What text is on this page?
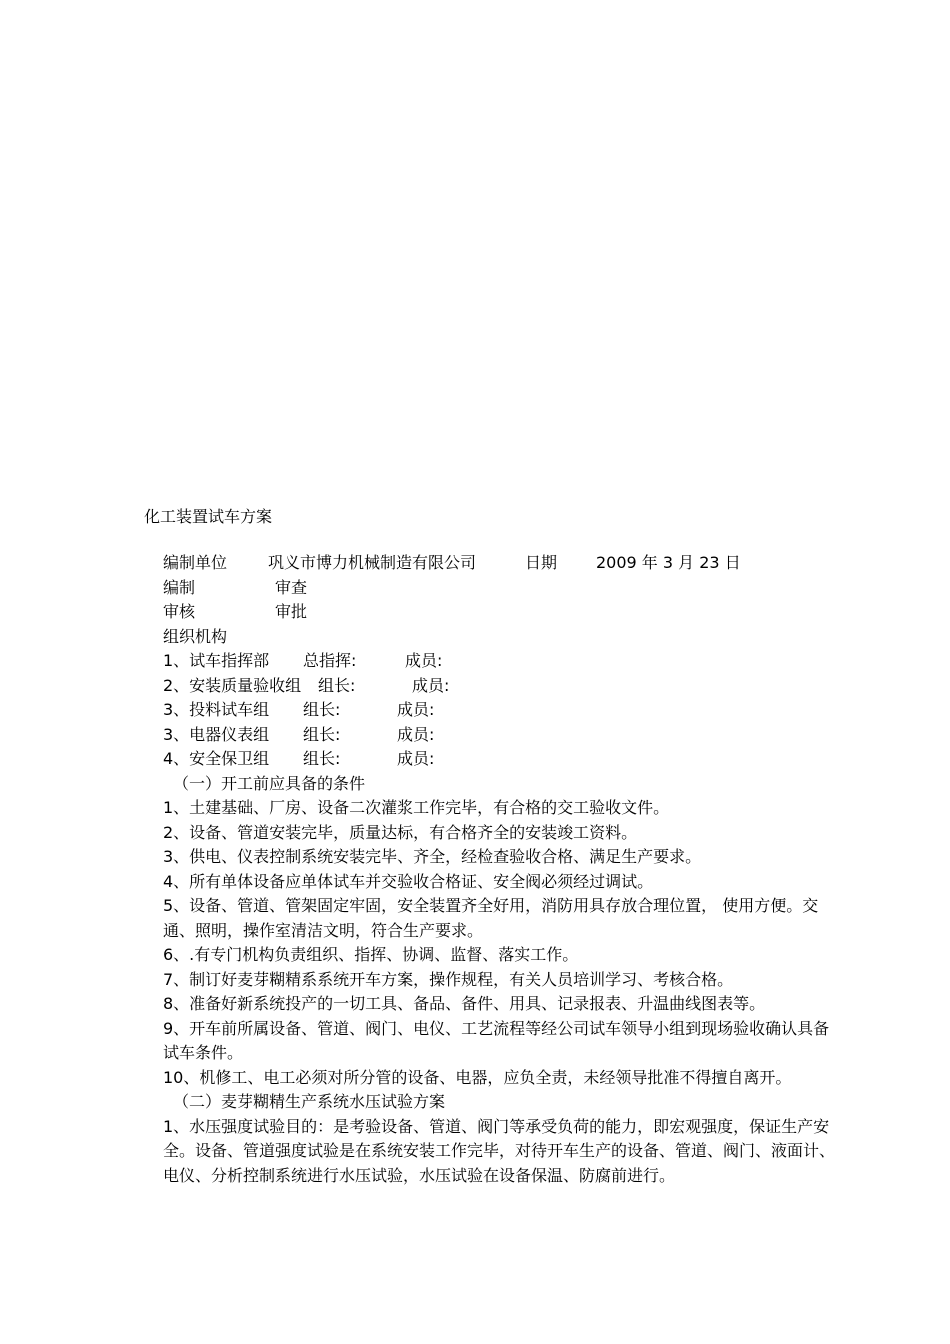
化工装置试车方案
编制单位	巩义市博力机械制造有限公司	日期 2009 年 3 月 23 日
编制	审查
审核	审批
组织机构
1、试车指挥部 总指挥:	成员:
2、安装质量验收组 组长:	成员:
3、投料试车组 组长:	成员:
3、电器仪表组 组长:	成员:
4、安全保卫组 组长:	成员:
（一）开工前应具备的条件
1、土建基础、厂房、设备二次灌浆工作完毕，有合格的交工验收文件。
2、设备、管道安装完毕，质量达标，有合格齐全的安装竣工资料。
3、供电、仪表控制系统安装完毕、齐全，经检查验收合格、满足生产要求。
4、所有单体设备应单体试车并交验收合格证、安全阀必须经过调试。
5、设备、管道、管架固定牢固，安全装置齐全好用，消防用具存放合理位置， 使用方便。交通、照明，操作室清洁文明，符合生产要求。
6、.有专门机构负责组织、指挥、协调、监督、落实工作。
7、制订好麦芽糊精系系统开车方案，操作规程，有关人员培训学习、考核合格。
8、准备好新系统投产的一切工具、备品、备件、用具、记录报表、升温曲线图表等。
9、开车前所属设备、管道、阀门、电仪、工艺流程等经公司试车领导小组到现场验收确认具备试车条件。
10、机修工、电工必须对所分管的设备、电器，应负全责，未经领导批准不得擅自离开。
（二）麦芽糊精生产系统水压试验方案
1、水压强度试验目的：是考验设备、管道、阀门等承受负荷的能力，即宏观强度，保证生产安全。设备、管道强度试验是在系统安装工作完毕，对待开车生产的设备、管道、阀门、液面计、电仪、分析控制系统进行水压试验，水压试验在设备保温、防腐前进行。
